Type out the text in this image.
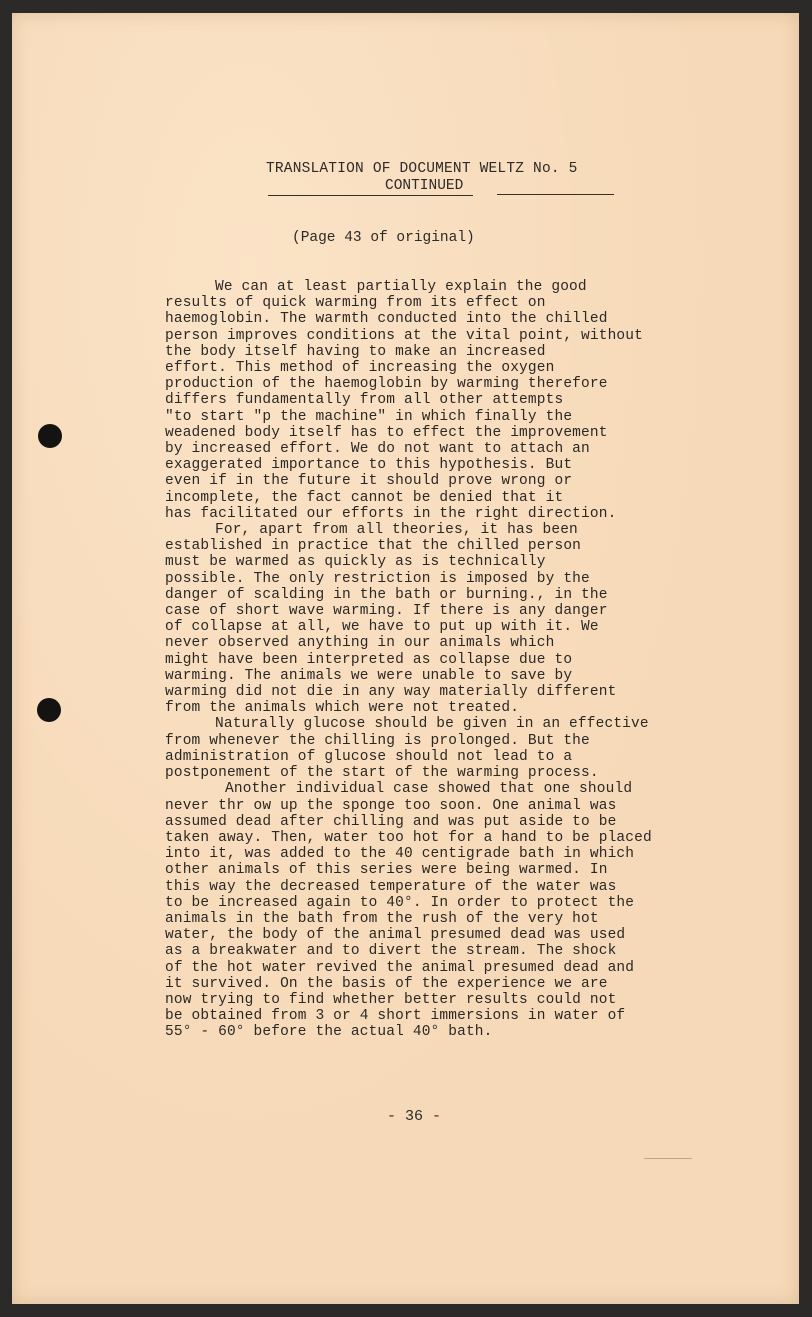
TRANSLATION OF DOCUMENT WELTZ No. 5
CONTINUED
(Page 43 of original)
We can at least partially explain the good
results of quick warming from its effect on
haemoglobin. The warmth conducted into the chilled
person improves conditions at the vital point, without
the body itself having to make an increased
effort. This method of increasing the oxygen
production of the haemoglobin by warming therefore
differs fundamentally from all other attempts
"to start "p the machine" in which finally the
weadened body itself has to effect the improvement
by increased effort. We do not want to attach an
exaggerated importance to this hypothesis. But
even if in the future it should prove wrong or
incomplete, the fact cannot be denied that it
has facilitated our efforts in the right direction.
For, apart from all theories, it has been
established in practice that the chilled person
must be warmed as quickly as is technically
possible. The only restriction is imposed by the
danger of scalding in the bath or burning., in the
case of short wave warming. If there is any danger
of collapse at all, we have to put up with it. We
never observed anything in our animals which
might have been interpreted as collapse due to
warming. The animals we were unable to save by
warming did not die in any way materially different
from the animals which were not treated.
Naturally glucose should be given in an effective
from whenever the chilling is prolonged. But the
administration of glucose should not lead to a
postponement of the start of the warming process.
Another individual case showed that one should
never thr ow up the sponge too soon. One animal was
assumed dead after chilling and was put aside to be
taken away. Then, water too hot for a hand to be placed
into it, was added to the 40 centigrade bath in which
other animals of this series were being warmed. In
this way the decreased temperature of the water was
to be increased again to 40°. In order to protect the
animals in the bath from the rush of the very hot
water, the body of the animal presumed dead was used
as a breakwater and to divert the stream. The shock
of the hot water revived the animal presumed dead and
it survived. On the basis of the experience we are
now trying to find whether better results could not
be obtained from 3 or 4 short immersions in water of
55° - 60° before the actual 40° bath.
- 36 -
